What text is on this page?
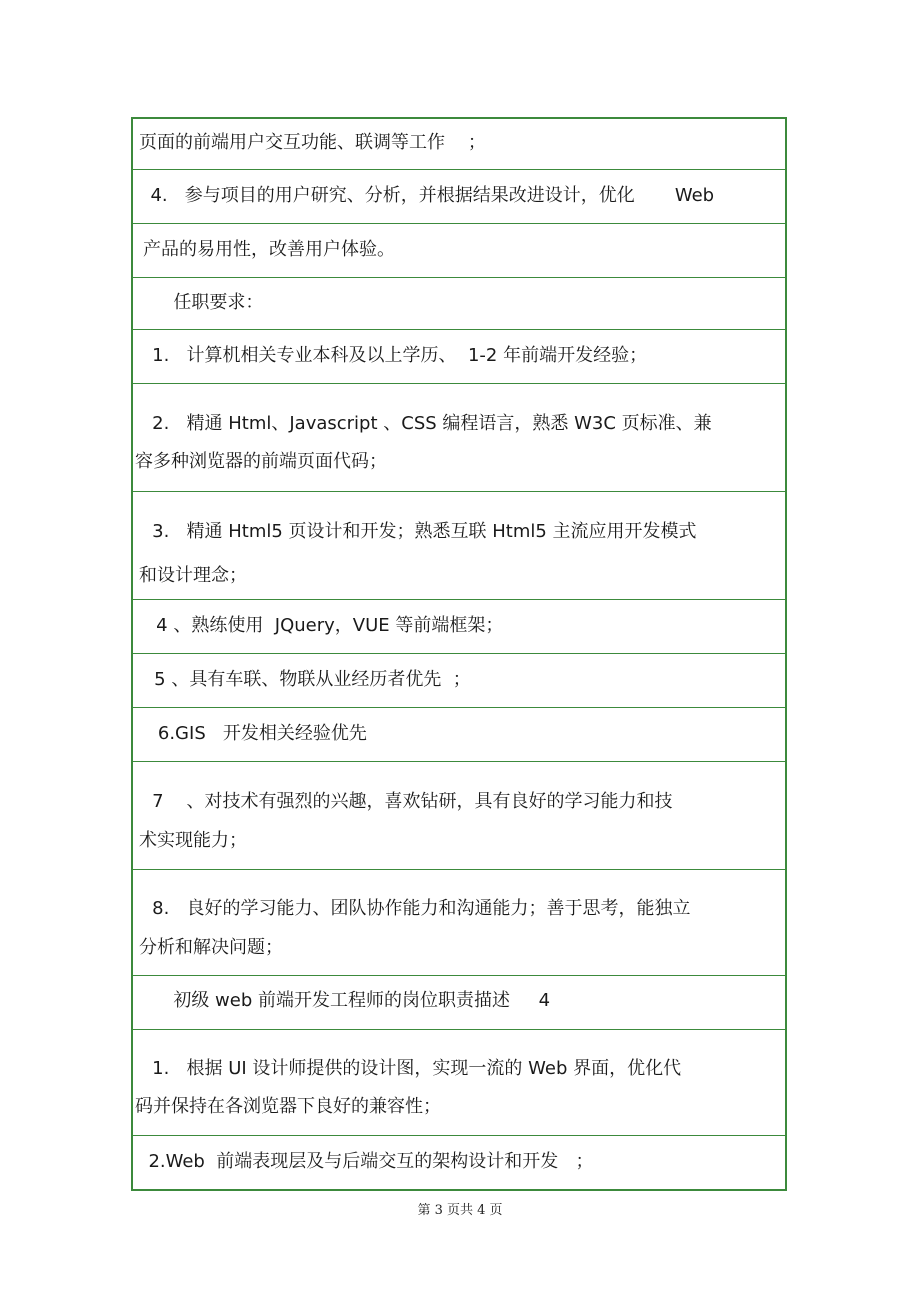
页面的前端用户交互功能、联调等工作    ；
4.   参与项目的用户研究、分析，并根据结果改进设计，优化       Web
产品的易用性，改善用户体验。
任职要求：
1.   计算机相关专业本科及以上学历、  1-2 年前端开发经验；
2.   精通 Html、Javascript 、CSS 编程语言，熟悉 W3C 页标准、兼
容多种浏览器的前端页面代码；
3.   精通 Html5 页设计和开发；熟悉互联 Html5 主流应用开发模式
和设计理念；
4 、熟练使用  JQuery，VUE 等前端框架；
5 、具有车联、物联从业经历者优先  ；
6.GIS   开发相关经验优先
7    、对技术有强烈的兴趣，喜欢钻研，具有良好的学习能力和技
术实现能力；
8.   良好的学习能力、团队协作能力和沟通能力；善于思考，能独立
分析和解决问题；
初级 web 前端开发工程师的岗位职责描述     4
1.   根据 UI 设计师提供的设计图，实现一流的 Web 界面，优化代
码并保持在各浏览器下良好的兼容性；
2.Web  前端表现层及与后端交互的架构设计和开发   ；
第 3 页共 4 页
